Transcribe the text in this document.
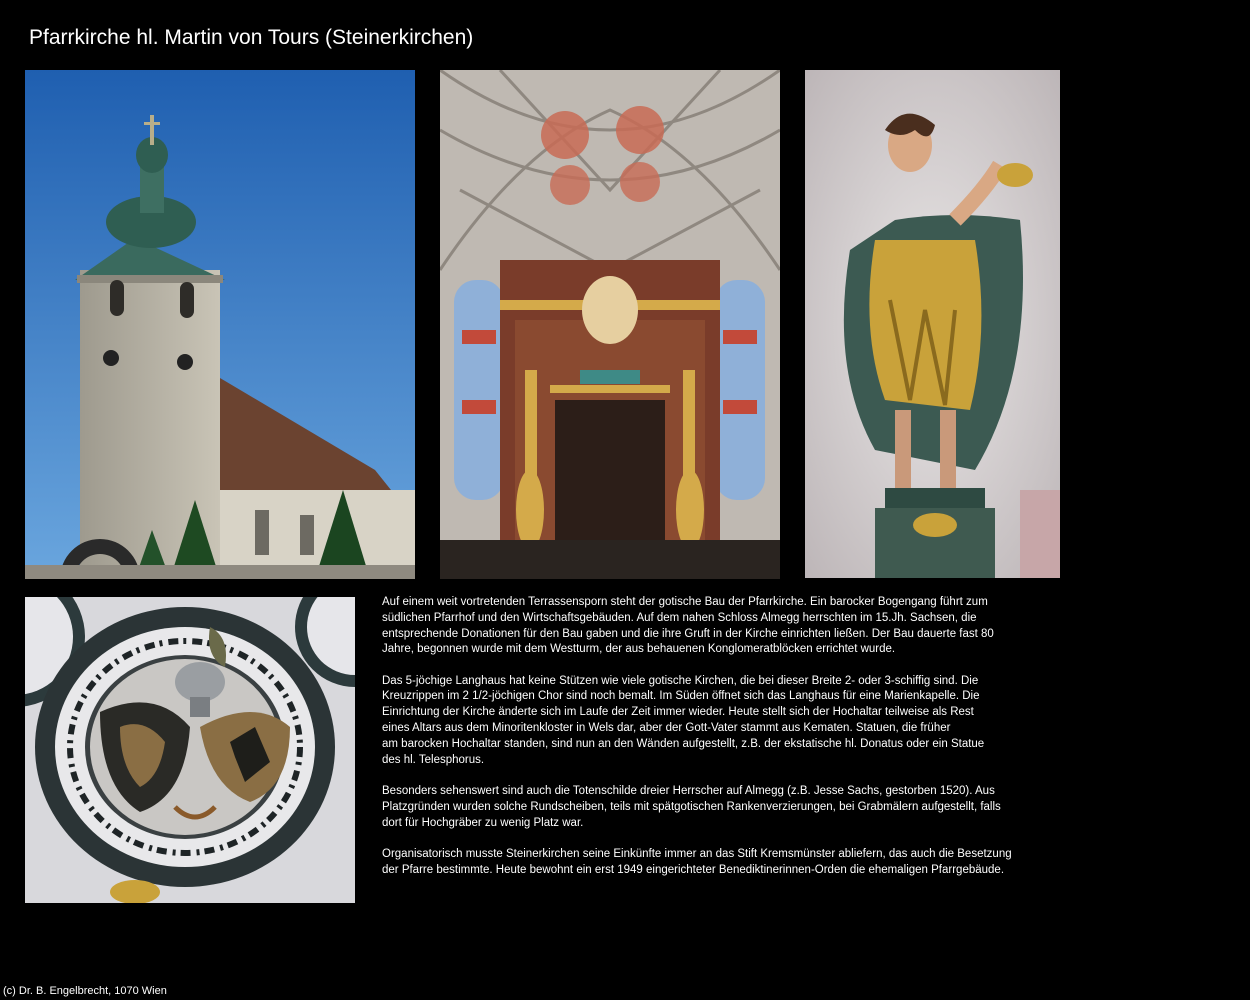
Pfarrkirche hl. Martin von Tours (Steinerkirchen)

Auf einem weit vortretenden Terrassensporn steht der gotische Bau der Pfarrkirche. Ein barocker Bogengang führt zum
südlichen Pfarrhof und den Wirtschaftsgebäuden. Auf dem nahen Schloss Almegg herrschten im 15.Jh. Sachsen, die
entsprechende Donationen für den Bau gaben und die ihre Gruft in der Kirche einrichten ließen. Der Bau dauerte fast 80
Jahre, begonnen wurde mit dem Westturm, der aus behauenen Konglomeratblöcken errichtet wurde.

Das 5-jöchige Langhaus hat keine Stützen wie viele gotische Kirchen, die bei dieser Breite 2- oder 3-schiffig sind. Die
Kreuzrippen im 2 1/2-jöchigen Chor sind noch bemalt. Im Süden öffnet sich das Langhaus für eine Marienkapelle. Die
Einrichtung der Kirche änderte sich im Laufe der Zeit immer wieder. Heute stellt sich der Hochaltar teilweise als Rest
eines Altars aus dem Minoritenkloster in Wels dar, aber der Gott-Vater stammt aus Kematen. Statuen, die früher
am barocken Hochaltar standen, sind nun an den Wänden aufgestellt, z.B. der ekstatische hl. Donatus oder ein Statue
des hl. Telesphorus.

Besonders sehenswert sind auch die Totenschilde dreier Herrscher auf Almegg (z.B. Jesse Sachs, gestorben 1520). Aus
Platzgründen wurden solche Rundscheiben, teils mit spätgotischen Rankenverzierungen, bei Grabmälern aufgestellt, falls
dort für Hochgräber zu wenig Platz war.

Organisatorisch musste Steinerkirchen seine Einkünfte immer an das Stift Kremsmünster abliefern, das auch die Besetzung
der Pfarre bestimmte. Heute bewohnt ein erst 1949 eingerichteter Benediktinerinnen-Orden die ehemaligen Pfarrgebäude.

(c) Dr. B. Engelbrecht, 1070 Wien
